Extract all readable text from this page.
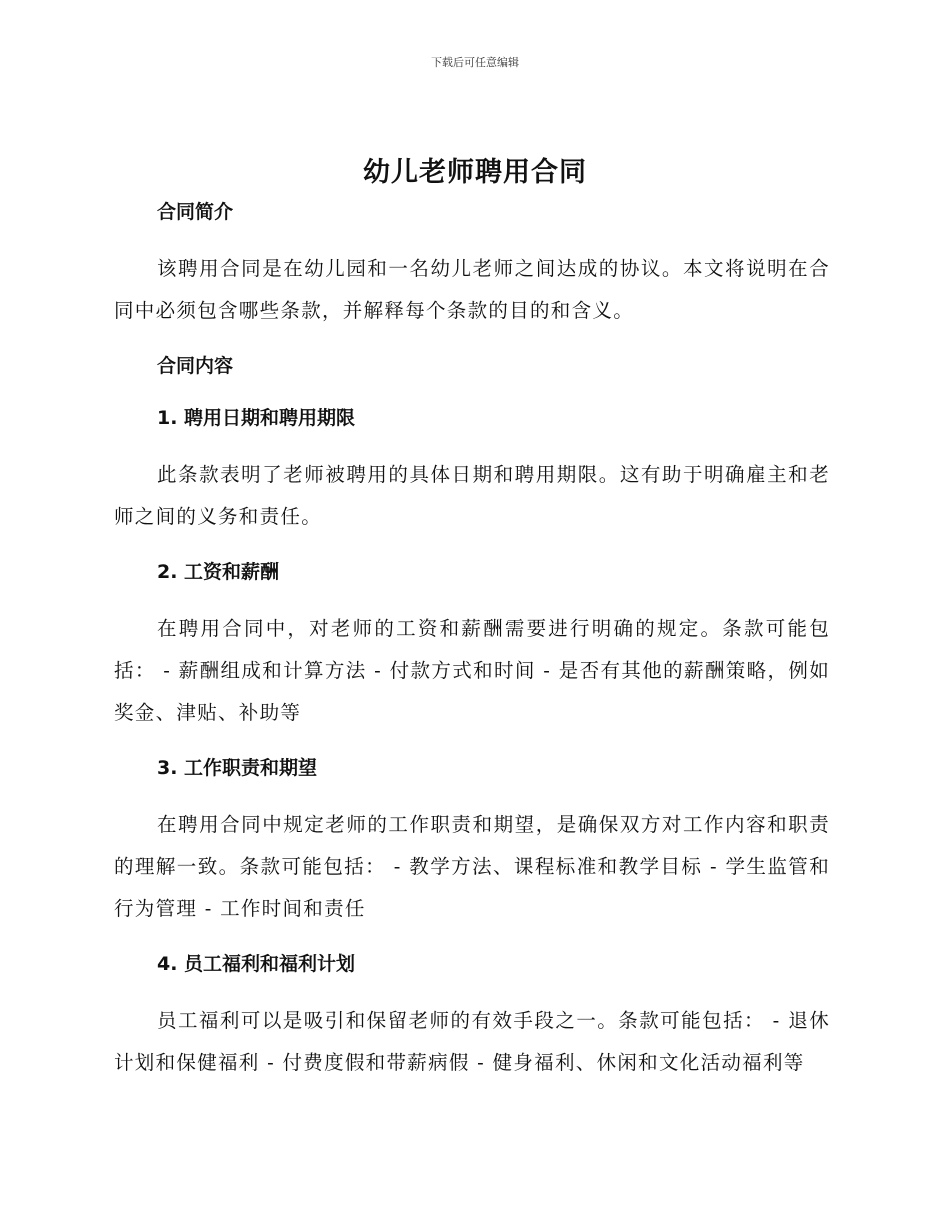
下载后可任意编辑
幼儿老师聘用合同
合同简介

该聘用合同是在幼儿园和一名幼儿老师之间达成的协议。本文将说明在合同中必须包含哪些条款，并解释每个条款的目的和含义。

合同内容
1. 聘用日期和聘用期限

此条款表明了老师被聘用的具体日期和聘用期限。这有助于明确雇主和老师之间的义务和责任。

2. 工资和薪酬

在聘用合同中，对老师的工资和薪酬需要进行明确的规定。条款可能包括： - 薪酬组成和计算方法 - 付款方式和时间 - 是否有其他的薪酬策略，例如奖金、津贴、补助等

3. 工作职责和期望

在聘用合同中规定老师的工作职责和期望，是确保双方对工作内容和职责的理解一致。条款可能包括： - 教学方法、课程标准和教学目标 - 学生监管和行为管理 - 工作时间和责任

4. 员工福利和福利计划

员工福利可以是吸引和保留老师的有效手段之一。条款可能包括： - 退休计划和保健福利 - 付费度假和带薪病假 - 健身福利、休闲和文化活动福利等
